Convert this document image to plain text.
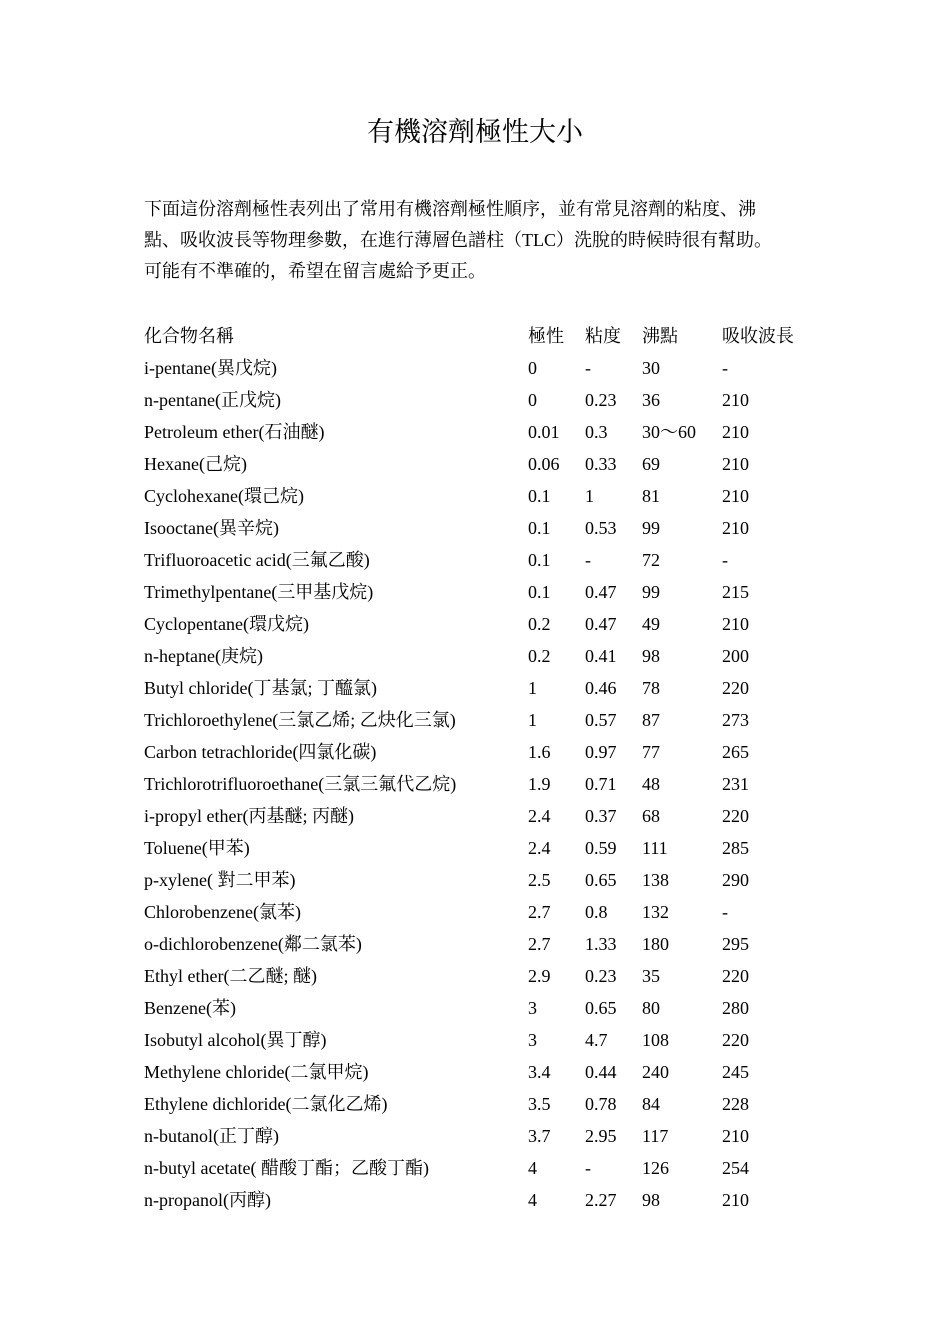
有機溶劑極性大小

下面這份溶劑極性表列出了常用有機溶劑極性順序，並有常見溶劑的粘度、沸
點、吸收波長等物理參數，在進行薄層色譜柱（TLC）洗脫的時候時很有幫助。
可能有不準確的，希望在留言處給予更正。

化合物名稱	極性	粘度	沸點	吸收波長
i-pentane(異戊烷)	0	-	30	-
n-pentane(正戊烷)	0	0.23	36	210
Petroleum ether(石油醚)	0.01	0.3	30～60	210
Hexane(己烷)	0.06	0.33	69	210
Cyclohexane(環己烷)	0.1	1	81	210
Isooctane(異辛烷)	0.1	0.53	99	210
Trifluoroacetic acid(三氟乙酸)	0.1	-	72	-
Trimethylpentane(三甲基戊烷)	0.1	0.47	99	215
Cyclopentane(環戊烷)	0.2	0.47	49	210
n-heptane(庚烷)	0.2	0.41	98	200
Butyl chloride(丁基氯; 丁醯氯)	1	0.46	78	220
Trichloroethylene(三氯乙烯; 乙炔化三氯)	1	0.57	87	273
Carbon tetrachloride(四氯化碳)	1.6	0.97	77	265
Trichlorotrifluoroethane(三氯三氟代乙烷)	1.9	0.71	48	231
i-propyl ether(丙基醚; 丙醚)	2.4	0.37	68	220
Toluene(甲苯)	2.4	0.59	111	285
p-xylene( 對二甲苯)	2.5	0.65	138	290
Chlorobenzene(氯苯)	2.7	0.8	132	-
o-dichlorobenzene(鄰二氯苯)	2.7	1.33	180	295
Ethyl ether(二乙醚; 醚)	2.9	0.23	35	220
Benzene(苯)	3	0.65	80	280
Isobutyl alcohol(異丁醇)	3	4.7	108	220
Methylene chloride(二氯甲烷)	3.4	0.44	240	245
Ethylene dichloride(二氯化乙烯)	3.5	0.78	84	228
n-butanol(正丁醇)	3.7	2.95	117	210
n-butyl acetate( 醋酸丁酯；乙酸丁酯)	4	-	126	254
n-propanol(丙醇)	4	2.27	98	210
